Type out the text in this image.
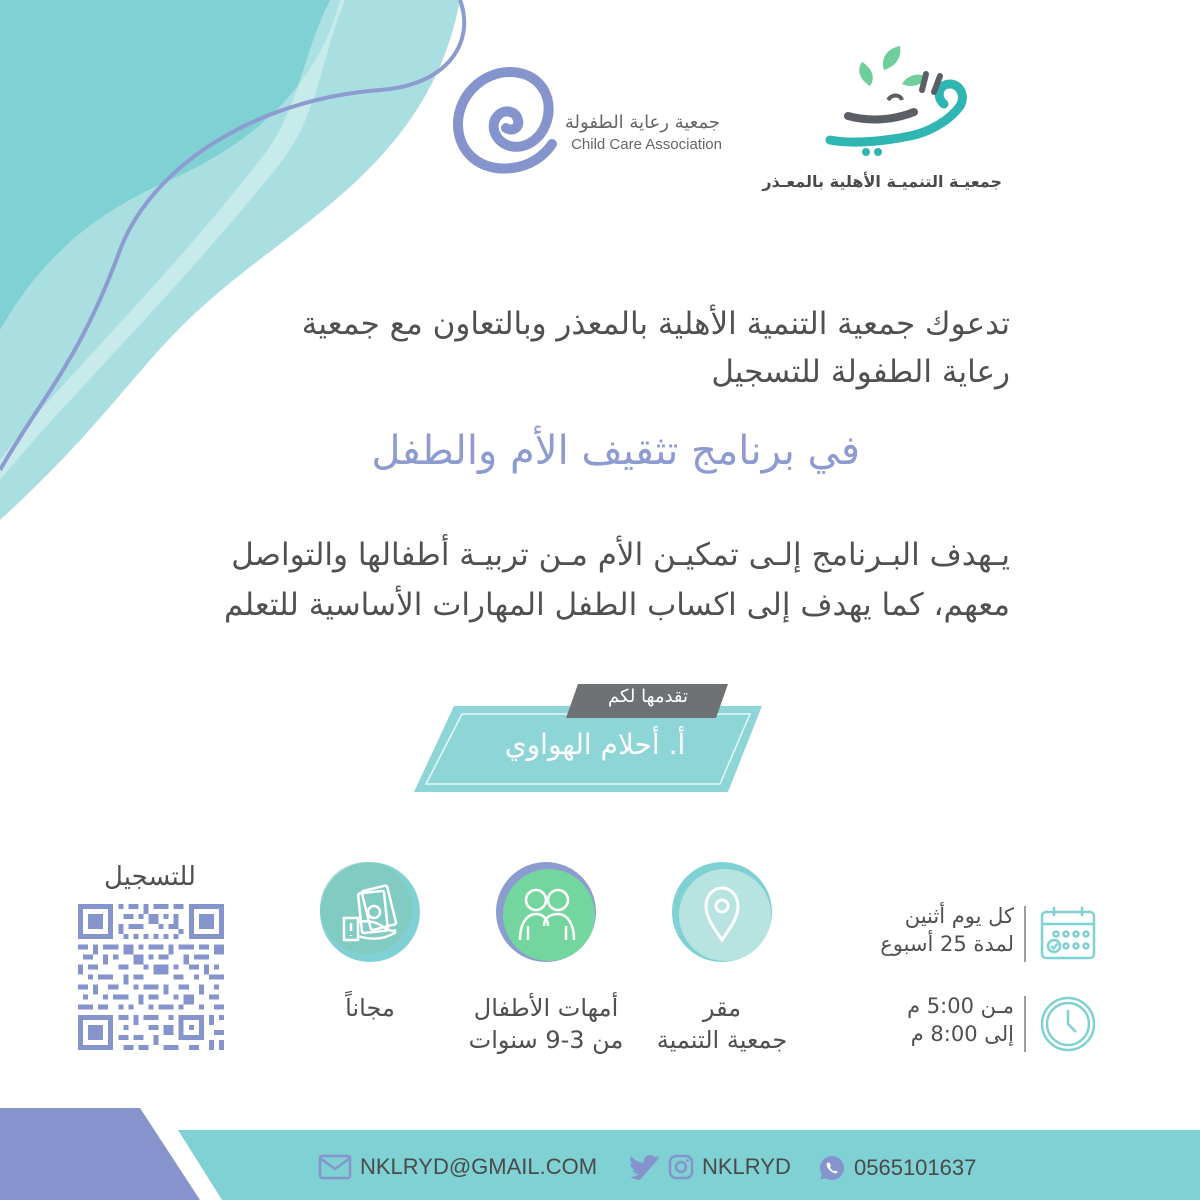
جمعية رعاية الطفولة
Child Care Association
جمعيـة التنميـة الأهلية بالمعـذر

تدعوك جمعية التنمية الأهلية بالمعذر وبالتعاون مع جمعية

رعاية الطفولة للتسجيل

في برنامج تثقيف الأم والطفل

يـهدف البـرنامج إلـى تمكيـن الأم مـن تربيـة أطفالها والتواصل

معهم، كما يهدف إلى اكساب الطفل المهارات الأساسية للتعلم

تقدمها لكم
أ. أحلام الهواوي
مجاناً	أمهات الأطفال
من 3-9 سنوات
مقر
جمعية التنمية
كل يوم أثنين
لمدة 25 أسبوع
مـن 5:00 م
إلى 8:00 م
للتسجيل
NKLRYD@GMAIL.COM	NKLRYD	0565101637
